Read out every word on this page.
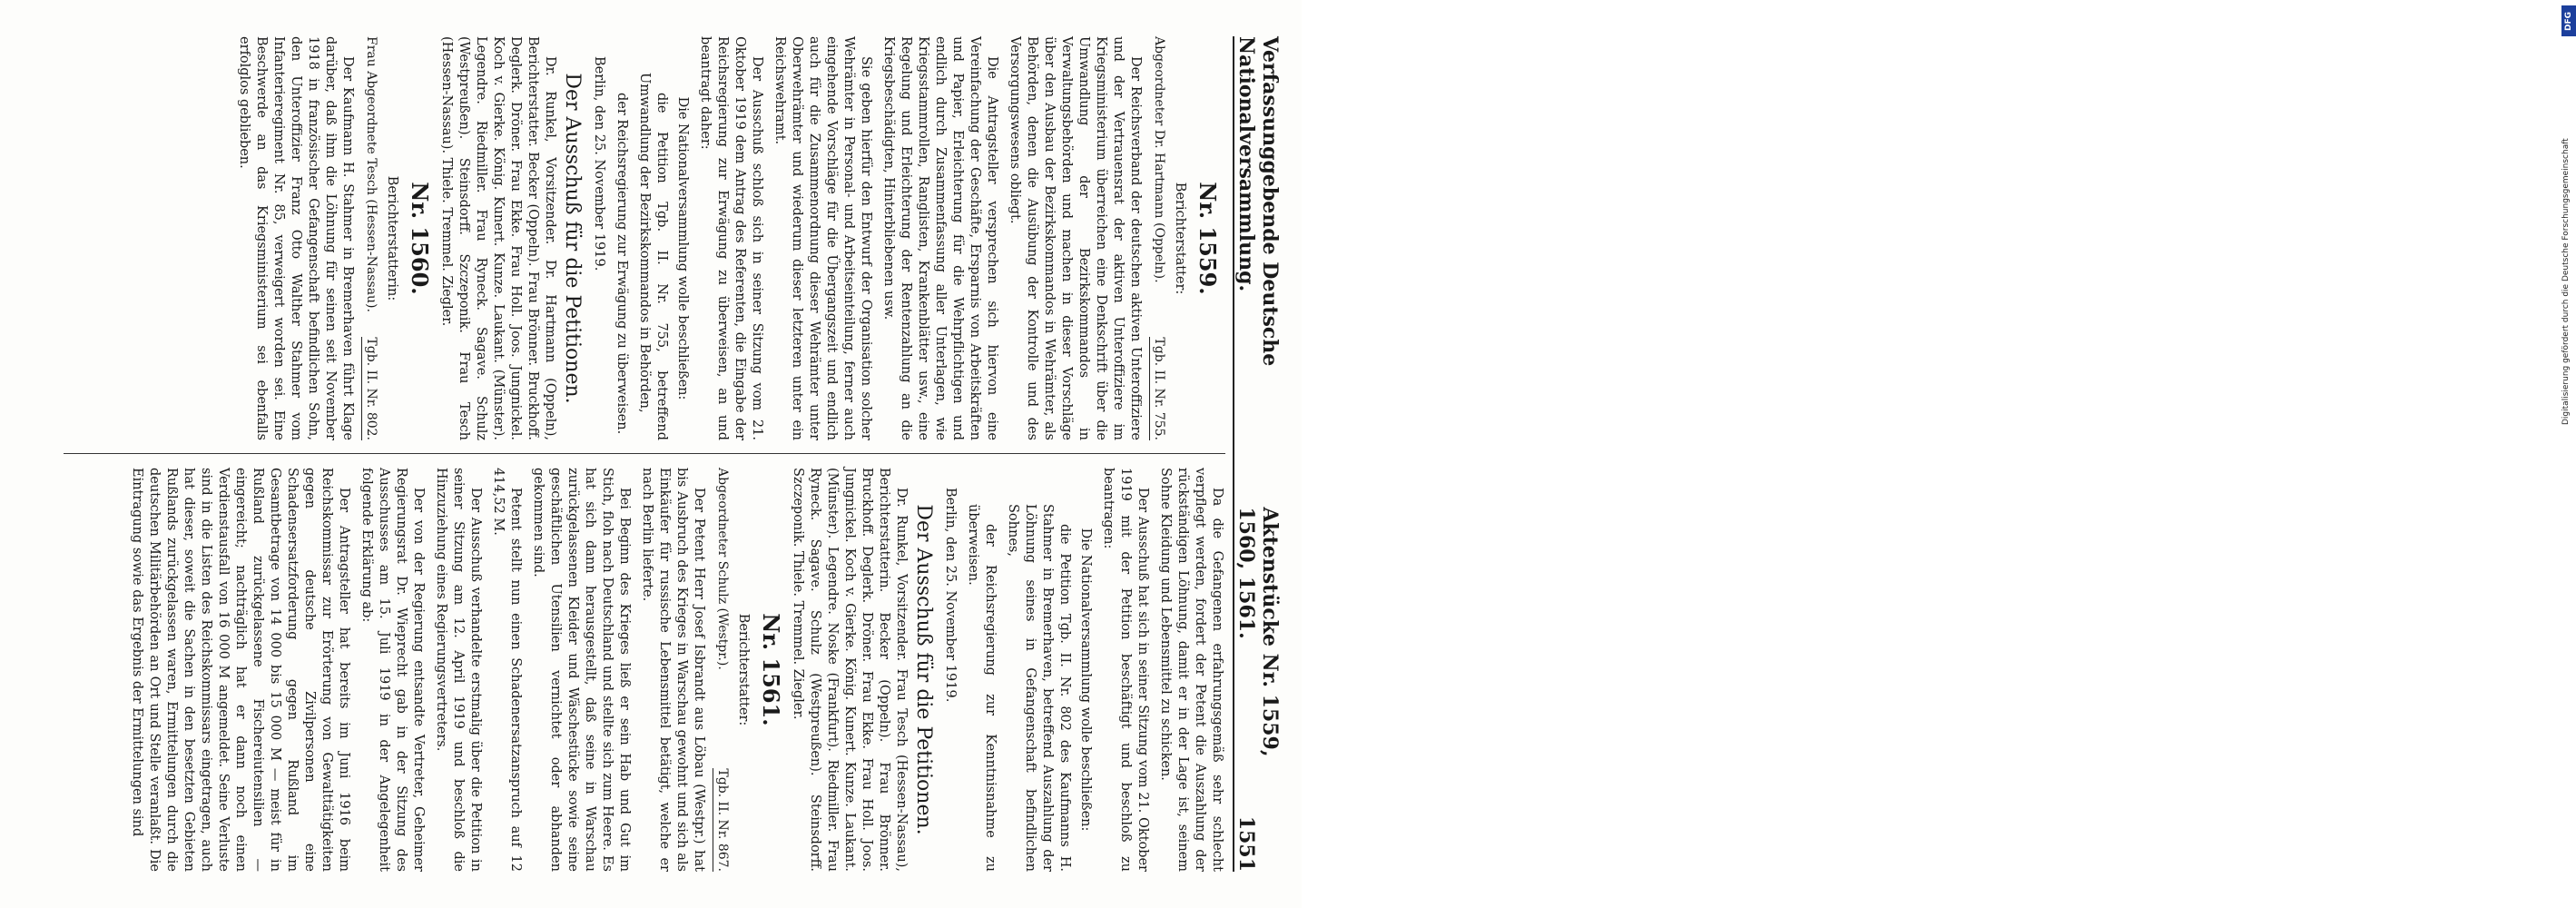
Verfassunggebende Deutsche Nationalversammlung.
Aktenstücke Nr. 1559, 1560, 1561.
1551
Nr. 1559.
Berichterstatter:
Abgeordneter Dr. Hartmann (Oppeln).
Tgb. II. Nr. 755.

Der Reichsverband der deutschen aktiven Unteroffiziere und der Vertrauensrat der aktiven Unteroffiziere im Kriegsministerium überreichen eine Denkschrift über die Umwandlung der Bezirkskommandos in Verwaltungsbehörden und machen in dieser Vorschläge über den Ausbau der Bezirkskommandos in Wehrämter, als Behörden, denen die Ausübung der Kontrolle und des Versorgungswesens obliegt.

Die Antragsteller versprechen sich hiervon eine Vereinfachung der Geschäfte, Ersparnis von Arbeitskräften und Papier, Erleichterung für die Wehrpflichtigen und endlich durch Zusammenfassung aller Unterlagen, wie Kriegsstammrollen, Ranglisten, Krankenblätter usw., eine Regelung und Erleichterung der Rentenzahlung an die Kriegsbeschädigten, Hinterbliebenen usw.

Sie geben hierfür den Entwurf der Organisation solcher Wehrämter in Personal- und Arbeitseinteilung, ferner auch eingehende Vorschläge für die Übergangszeit und endlich auch für die Zusammenordnung dieser Wehrämter unter Oberwehrämter und wiederum dieser letzteren unter ein Reichswehramt.

Der Ausschuß schloß sich in seiner Sitzung vom 21. Oktober 1919 dem Antrag des Referenten, die Eingabe der Reichsregierung zur Erwägung zu überweisen, an und beantragt daher:

Die Nationalversammlung wolle beschließen:

die Petition Tgb. II. Nr. 755, betreffend Umwandlung der Bezirkskommandos in Behörden,

der Reichsregierung zur Erwägung zu überweisen.

Berlin, den 25. November 1919.

Der Ausschuß für die Petitionen.

Dr. Runkel, Vorsitzender. Dr. Hartmann (Oppeln), Berichterstatter. Becker (Oppeln). Frau Brönner. Bruckhoff. Deglerk. Dröner. Frau Ekke. Frau Holl. Joos. Jungnickel. Koch v. Gierke. König. Kunert. Kunze. Laukant. (Münster). Legendre. Riedmiller. Frau Ryneck. Sagave. Schulz (Westpreußen). Steinsdorff. Szczeponik. Frau Tesch (Hessen-Nassau). Thiele. Tremmel. Ziegler.

Nr. 1560.
Berichterstatterin:
Frau Abgeordnete Tesch (Hessen-Nassau).
Tgb. II. Nr. 802.

Der Kaufmann H. Stahmer in Bremerhaven führt Klage darüber, daß ihm die Löhnung für seinen seit November 1918 in französischer Gefangenschaft befindlichen Sohn, den Unteroffizier Franz Otto Walther Stahmer vom Infanterieregiment Nr. 85, verweigert worden sei. Eine Beschwerde an das Kriegsministerium sei ebenfalls erfolglos geblieben.

Da die Gefangenen erfahrungsgemäß sehr schlecht verpflegt werden, fordert der Petent die Auszahlung der rückständigen Löhnung, damit er in der Lage ist, seinem Sohne Kleidung und Lebensmittel zu schicken.

Der Ausschuß hat sich in seiner Sitzung vom 21. Oktober 1919 mit der Petition beschäftigt und beschloß zu beantragen:

Die Nationalversammlung wolle beschließen:

die Petition Tgb. II. Nr. 802 des Kaufmanns H. Stahmer in Bremerhaven, betreffend Auszahlung der Löhnung seines in Gefangenschaft befindlichen Sohnes,

der Reichsregierung zur Kenntnisnahme zu überweisen.

Berlin, den 25. November 1919.

Der Ausschuß für die Petitionen.

Dr. Runkel, Vorsitzender. Frau Tesch (Hessen-Nassau), Berichterstatterin. Becker (Oppeln). Frau Brönner. Bruckhoff. Deglerk. Dröner. Frau Ekke. Frau Holl. Joos. Jungnickel. Koch v. Gierke. König. Kunert. Kunze. Laukant. (Münster). Legendre. Noske (Frankfurt). Riedmiller. Frau Ryneck. Sagave. Schulz (Westpreußen). Steinsdorff. Szczeponik. Thiele. Tremmel. Ziegler.

Nr. 1561.
Berichterstatter:
Abgeordneter Schulz (Westpr.).
Tgb. II. Nr. 867.

Der Petent Herr Josef Isbrandt aus Löbau (Westpr.) hat bis Ausbruch des Krieges in Warschau gewohnt und sich als Einkäufer für russische Lebensmittel betätigt, welche er nach Berlin lieferte.

Bei Beginn des Krieges ließ er sein Hab und Gut im Stich, floh nach Deutschland und stellte sich zum Heere. Es hat sich dann herausgestellt, daß seine in Warschau zurückgelassenen Kleider und Wäschestücke sowie seine geschäftlichen Utensilien vernichtet oder abhanden gekommen sind.

Petent stellt nun einen Schadenersatzanspruch auf 12 414,52 M.

Der Ausschuß verhandelte erstmalig über die Petition in seiner Sitzung am 12. April 1919 und beschloß die Hinzuziehung eines Regierungsvertreters.

Der von der Regierung entsandte Vertreter, Geheimer Regierungsrat Dr. Wieprecht gab in der Sitzung des Ausschusses am 15. Juli 1919 in der Angelegenheit folgende Erklärung ab:

Der Antragsteller hat bereits im Juni 1916 beim Reichskommissar zur Erörterung von Gewalttätigkeiten gegen deutsche Zivilpersonen eine Schadensersatzforderung gegen Rußland im Gesamtbetrage von 14 000 bis 15 000 M — meist für in Rußland zurückgelassene Fischereiutensilien — eingereicht; nachträglich hat er dann noch einen Verdienstausfall von 16 000 M angemeldet. Seine Verluste sind in die Listen des Reichskommissars eingetragen, auch hat dieser, soweit die Sachen in den besetzten Gebieten Rußlands zurückgelassen waren, Ermittelungen durch die deutschen Militärbehörden an Ort und Stelle veranlaßt. Die Eintragung sowie das Ergebnis der Ermittelungen sind

DFG
Digitalisierung gefördert durch die Deutsche Forschungsgemeinschaft
